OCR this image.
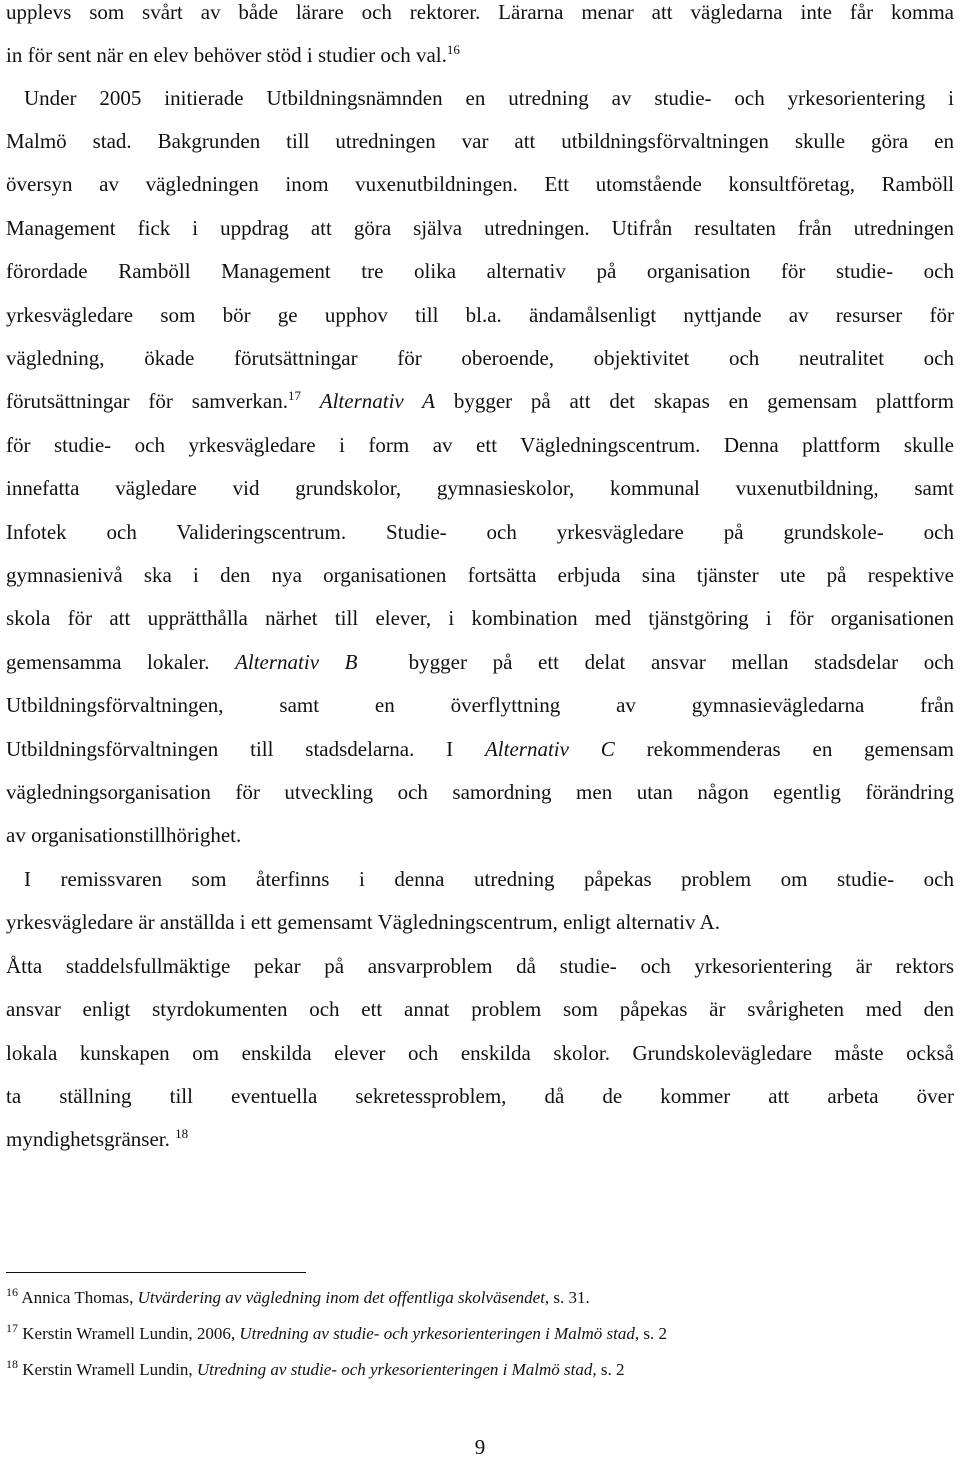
upplevs som svårt av både lärare och rektorer. Lärarna menar att vägledarna inte får komma
in för sent när en elev behöver stöd i studier och val.$^{16}$
Under 2005 initierade Utbildningsnämnden en utredning av studie- och yrkesorientering i
Malmö stad. Bakgrunden till utredningen var att utbildningsförvaltningen skulle göra en
översyn av vägledningen inom vuxenutbildningen. Ett utomstående konsultföretag, Ramböll
Management fick i uppdrag att göra själva utredningen. Utifrån resultaten från utredningen
förordade Ramböll Management tre olika alternativ på organisation för studie- och
yrkesvägledare som bör ge upphov till bl.a. ändamålsenligt nyttjande av resurser för
vägledning, ökade förutsättningar för oberoende, objektivitet och neutralitet och
förutsättningar för samverkan.$^{17}$ Alternativ A bygger på att det skapas en gemensam plattform
för studie- och yrkesvägledare i form av ett Vägledningscentrum. Denna plattform skulle
innefatta vägledare vid grundskolor, gymnasieskolor, kommunal vuxenutbildning, samt
Infotek och Valideringscentrum. Studie- och yrkesvägledare på grundskole- och
gymnasienivå ska i den nya organisationen fortsätta erbjuda sina tjänster ute på respektive
skola för att upprätthålla närhet till elever, i kombination med tjänstgöring i för organisationen
gemensamma lokaler. Alternativ B bygger på ett delat ansvar mellan stadsdelar och
Utbildningsförvaltningen, samt en överflyttning av gymnasievägledarna från
Utbildningsförvaltningen till stadsdelarna. I Alternativ C rekommenderas en gemensam
vägledningsorganisation för utveckling och samordning men utan någon egentlig förändring
av organisationstillhörighet.
I remissvaren som återfinns i denna utredning påpekas problem om studie- och
yrkesvägledare är anställda i ett gemensamt Vägledningscentrum, enligt alternativ A.
Åtta staddelsfullmäktige pekar på ansvarproblem då studie- och yrkesorientering är rektors
ansvar enligt styrdokumenten och ett annat problem som påpekas är svårigheten med den
lokala kunskapen om enskilda elever och enskilda skolor. Grundskolevägledare måste också
ta ställning till eventuella sekretessproblem, då de kommer att arbeta över
myndighetsgränser. $^{18}$
$^{16}$ Annica Thomas, Utvärdering av vägledning inom det offentliga skolväsendet, s. 31.
$^{17}$ Kerstin Wramell Lundin, 2006, Utredning av studie- och yrkesorienteringen i Malmö stad, s. 2
$^{18}$ Kerstin Wramell Lundin, Utredning av studie- och yrkesorienteringen i Malmö stad, s. 2
9
